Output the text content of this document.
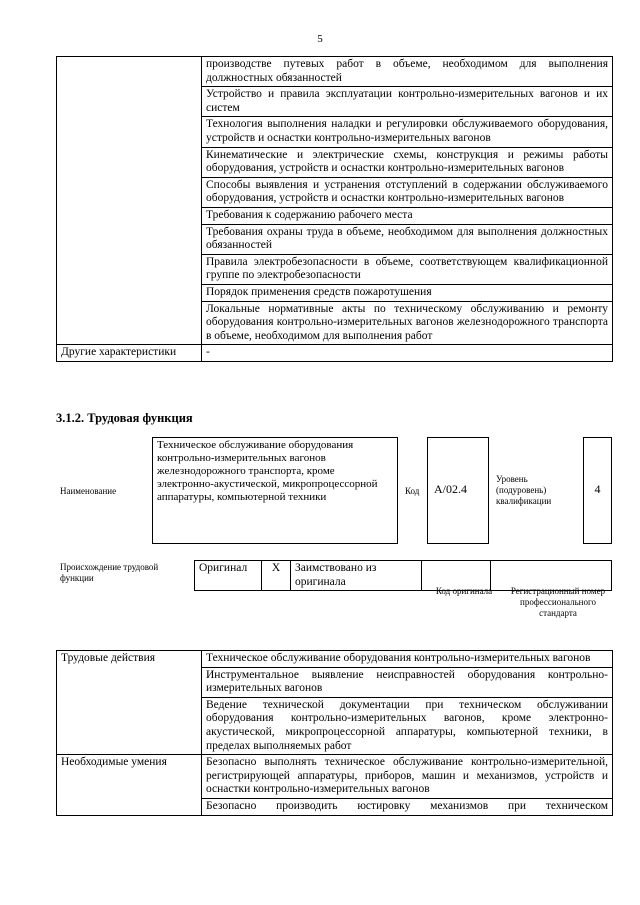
5
	производстве путевых работ в объеме, необходимом для выполнения должностных обязанностей
	Устройство и правила эксплуатации контрольно-измерительных вагонов и их систем
	Технология выполнения наладки и регулировки обслуживаемого оборудования, устройств и оснастки контрольно-измерительных вагонов
	Кинематические и электрические схемы, конструкция и режимы работы оборудования, устройств и оснастки контрольно-измерительных вагонов
	Способы выявления и устранения отступлений в содержании обслуживаемого оборудования, устройств и оснастки контрольно-измерительных вагонов
	Требования к содержанию рабочего места
	Требования охраны труда в объеме, необходимом для выполнения должностных обязанностей
	Правила электробезопасности в объеме, соответствующем квалификационной группе по электробезопасности
	Порядок применения средств пожаротушения
	Локальные нормативные акты по техническому обслуживанию и ремонту оборудования контрольно-измерительных вагонов железнодорожного транспорта в объеме, необходимом для выполнения работ
Другие характеристики	-
3.1.2. Трудовая функция
Наименование
Техническое обслуживание оборудования контрольно-измерительных вагонов железнодорожного транспорта, кроме электронно-акустической, микропроцессорной аппаратуры, компьютерной техники	Код	А/02.4
Уровень (подуровень) квалификации
4
Происхождение трудовой функции
Оригинал	X	Заимствовано из оригинала		
Код оригинала	Регистрационный номер профессионального стандарта
Трудовые действия	Техническое обслуживание оборудования контрольно-измерительных вагонов
	Инструментальное выявление неисправностей оборудования контрольно-измерительных вагонов
	Ведение технической документации при техническом обслуживании оборудования контрольно-измерительных вагонов, кроме электронно-акустической, микропроцессорной аппаратуры, компьютерной техники, в пределах выполняемых работ
Необходимые умения	Безопасно выполнять техническое обслуживание контрольно-измерительной, регистрирующей аппаратуры, приборов, машин и механизмов, устройств и оснастки контрольно-измерительных вагонов
	Безопасно производить юстировку механизмов при техническом
